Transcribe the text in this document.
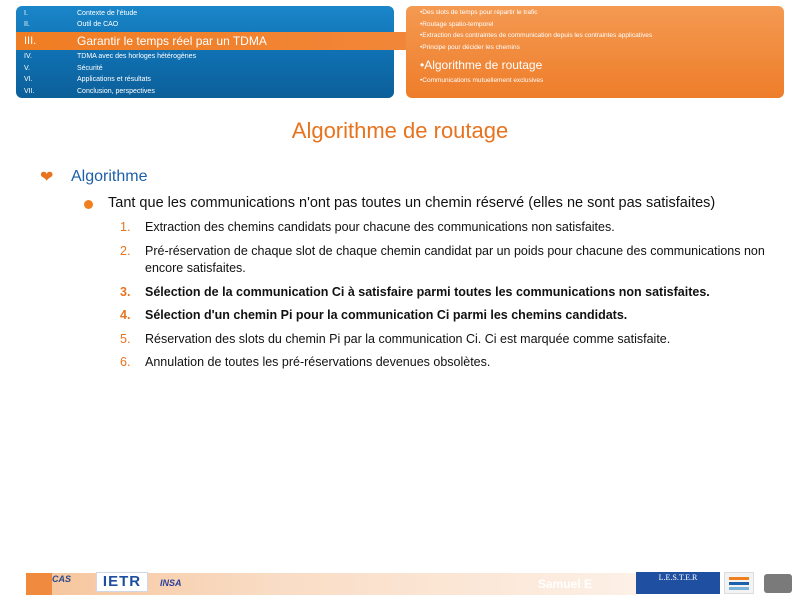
I.	Contexte de l'étude
II.	Outil de CAO
III.	Garantir le temps réel par un TDMA
IV.	TDMA avec des horloges hétérogènes
V.	Sécurité
VI.	Applications et résultats
VII.	Conclusion, perspectives
•Des slots de temps pour répartir le trafic
•Routage spatio-temporel
•Extraction des contraintes de communication depuis les contraintes applicatives
•Principe pour décider les chemins
•Algorithme de routage
•Communications mutuellement exclusives
Algorithme de routage
❤ Algorithme
Tant que les communications n'ont pas toutes un chemin réservé (elles ne sont pas satisfaites)
1. Extraction des chemins candidats pour chacune des communications non satisfaites.
2. Pré-réservation de chaque slot de chaque chemin candidat par un poids pour chacune des communications non encore satisfaites.
3. Sélection de la communication Ci à satisfaire parmi toutes les communications non satisfaites.
4. Sélection d'un chemin Pi pour la communication Ci parmi les chemins candidats.
5. Réservation des slots du chemin Pi par la communication Ci. Ci est marquée comme satisfaite.
6. Annulation de toutes les pré-réservations devenues obsolètes.
CAS	IETR	INSA	Samuel E	L.E.S.T.E.R
